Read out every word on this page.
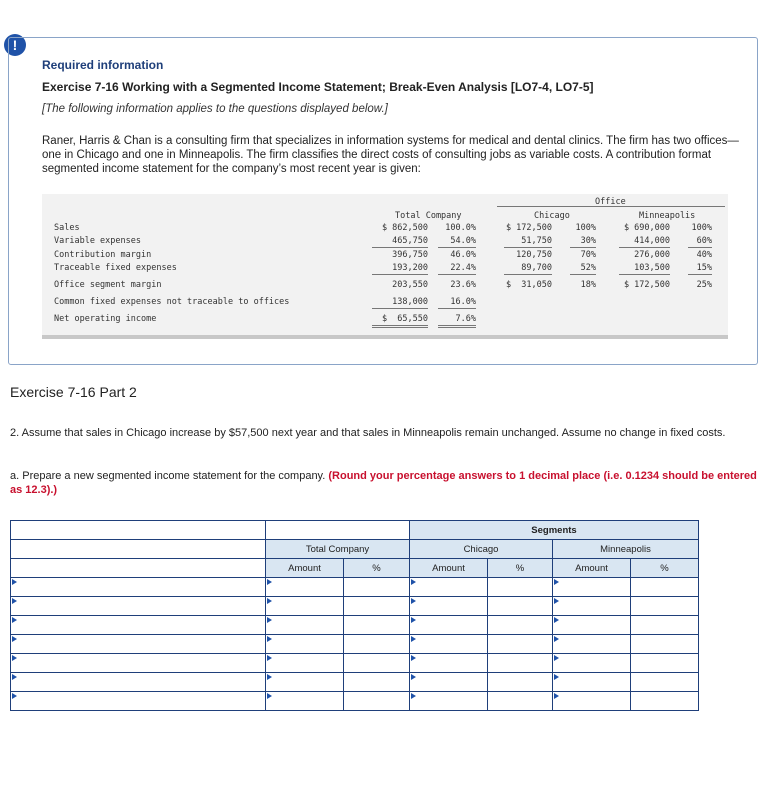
!
Required information
Exercise 7-16 Working with a Segmented Income Statement; Break-Even Analysis [LO7-4, LO7-5]
[The following information applies to the questions displayed below.]
Raner, Harris & Chan is a consulting firm that specializes in information systems for medical and dental clinics. The firm has two offices—one in Chicago and one in Minneapolis. The firm classifies the direct costs of consulting jobs as variable costs. A contribution format segmented income statement for the company’s most recent year is given:
Office
Total Company	Chicago	Minneapolis
Sales	$ 862,500 100.0%	$ 172,500	100%	$ 690,000	100%
Variable expenses	465,750	54.0%	51,750	30%	414,000	60%
Contribution margin	396,750	46.0%	120,750	70%	276,000	40%
Traceable fixed expenses	193,200	22.4%	89,700	52%	103,500	15%
Office segment margin	203,550	23.6%	$  31,050	18%	$ 172,500	25%
Common fixed expenses not traceable to offices	138,000	16.0%
Net operating income	$  65,550	7.6%
Exercise 7-16 Part 2
2. Assume that sales in Chicago increase by $57,500 next year and that sales in Minneapolis remain unchanged. Assume no change in fixed costs.
a. Prepare a new segmented income statement for the company. (Round your percentage answers to 1 decimal place (i.e. 0.1234 should be entered as 12.3).)
			Segments			
	Total Company		Chicago		Minneapolis	
	Amount	%	Amount	%	Amount	%
